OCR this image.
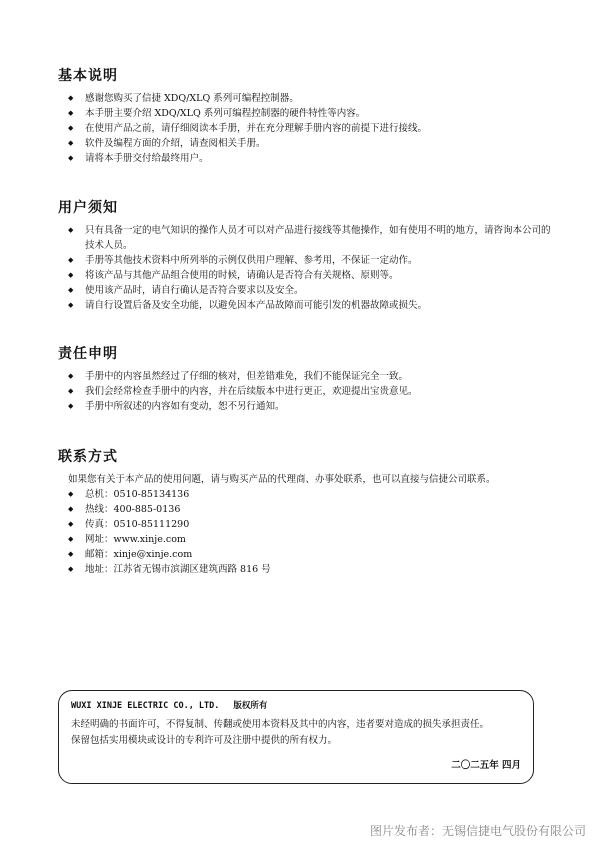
基本说明
◆ 感谢您购买了信捷 XDQ/XLQ 系列可编程控制器。
◆ 本手册主要介绍 XDQ/XLQ 系列可编程控制器的硬件特性等内容。
◆ 在使用产品之前，请仔细阅读本手册，并在充分理解手册内容的前提下进行接线。
◆ 软件及编程方面的介绍，请查阅相关手册。
◆ 请将本手册交付给最终用户。
用户须知
◆ 只有具备一定的电气知识的操作人员才可以对产品进行接线等其他操作，如有使用不明的地方，请咨询本公司的技术人员。
◆ 手册等其他技术资料中所列举的示例仅供用户理解、参考用，不保证一定动作。
◆ 将该产品与其他产品组合使用的时候，请确认是否符合有关规格、原则等。
◆ 使用该产品时，请自行确认是否符合要求以及安全。
◆ 请自行设置后备及安全功能，以避免因本产品故障而可能引发的机器故障或损失。
责任申明
◆ 手册中的内容虽然经过了仔细的核对，但差错难免，我们不能保证完全一致。
◆ 我们会经常检查手册中的内容，并在后续版本中进行更正，欢迎提出宝贵意见。
◆ 手册中所叙述的内容如有变动，恕不另行通知。
联系方式
如果您有关于本产品的使用问题，请与购买产品的代理商、办事处联系，也可以直接与信捷公司联系。
◆ 总机：0510-85134136
◆ 热线：400-885-0136
◆ 传真：0510-85111290
◆ 网址：www.xinje.com
◆ 邮箱：xinje@xinje.com
◆ 地址：江苏省无锡市滨湖区建筑西路 816 号
WUXI XINJE ELECTRIC CO., LTD. 版权所有
未经明确的书面许可，不得复制、传翻或使用本资料及其中的内容，违者要对造成的损失承担责任。
保留包括实用模块或设计的专利许可及注册中提供的所有权力。
二〇二五年 四月
图片发布者：无锡信捷电气股份有限公司
